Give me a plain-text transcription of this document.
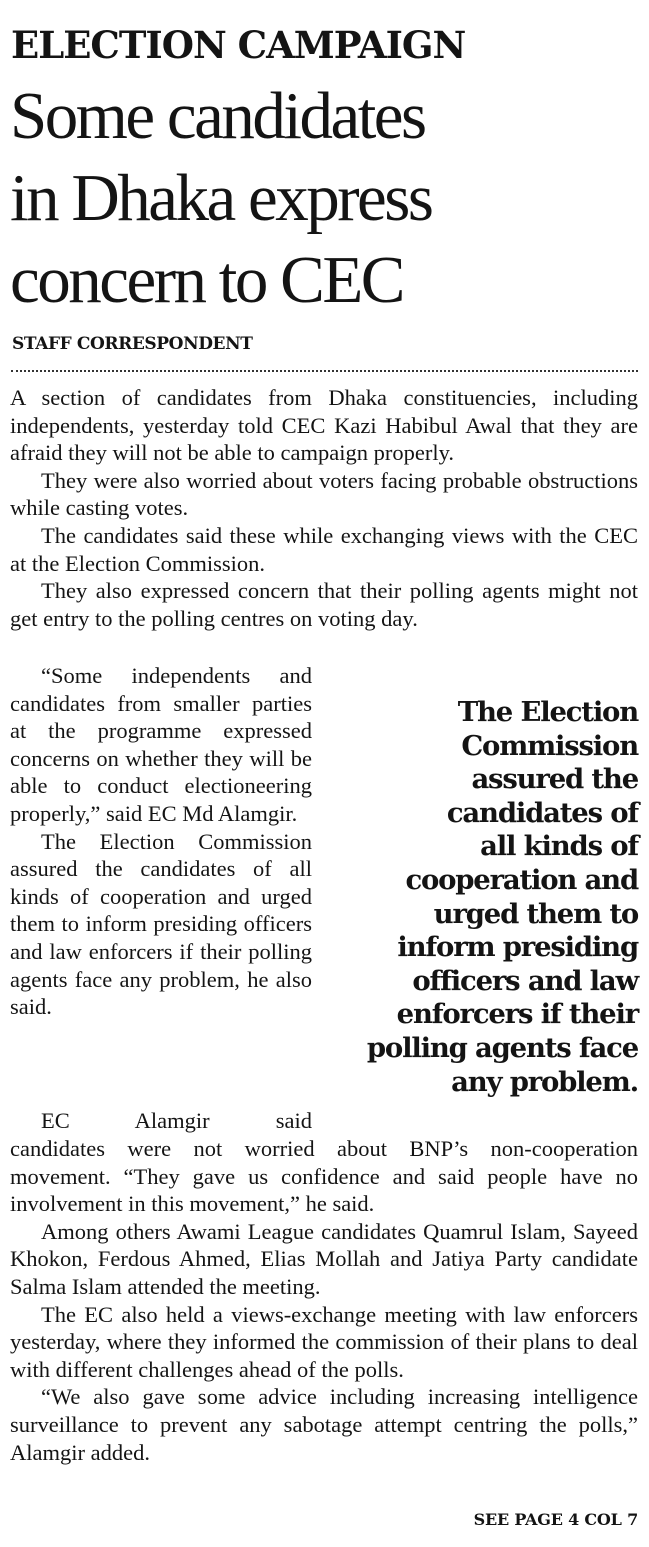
ELECTION CAMPAIGN
Some candidates
in Dhaka express
concern to CEC
STAFF CORRESPONDENT

A section of candidates from Dhaka constituencies, including independents, yesterday told CEC Kazi Habibul Awal that they are afraid they will not be able to campaign properly.

They were also worried about voters facing probable obstructions while casting votes.

The candidates said these while exchanging views with the CEC at the Election Commission.

They also expressed concern that their polling agents might not get entry to the polling centres on voting day.

“Some independents and candidates from smaller parties at the programme expressed concerns on whether they will be able to conduct electioneering properly,” said EC Md Alamgir.

The Election Commission assured the candidates of all kinds of cooperation and urged them to inform presiding officers and law enforcers if their polling agents face any problem, he also said.

The Election
Commission
assured the
candidates of
all kinds of
cooperation and
urged them to
inform presiding
officers and law
enforcers if their
polling agents face
any problem.

EC Alamgir said

candidates were not worried about BNP’s non-cooperation movement. “They gave us confidence and said people have no involvement in this movement,” he said.

Among others Awami League candidates Quamrul Islam, Sayeed Khokon, Ferdous Ahmed, Elias Mollah and Jatiya Party candidate Salma Islam attended the meeting.

The EC also held a views-exchange meeting with law enforcers yesterday, where they informed the commission of their plans to deal with different challenges ahead of the polls.

“We also gave some advice including increasing intelligence surveillance to prevent any sabotage attempt centring the polls,” Alamgir added.

SEE PAGE 4 COL 7
